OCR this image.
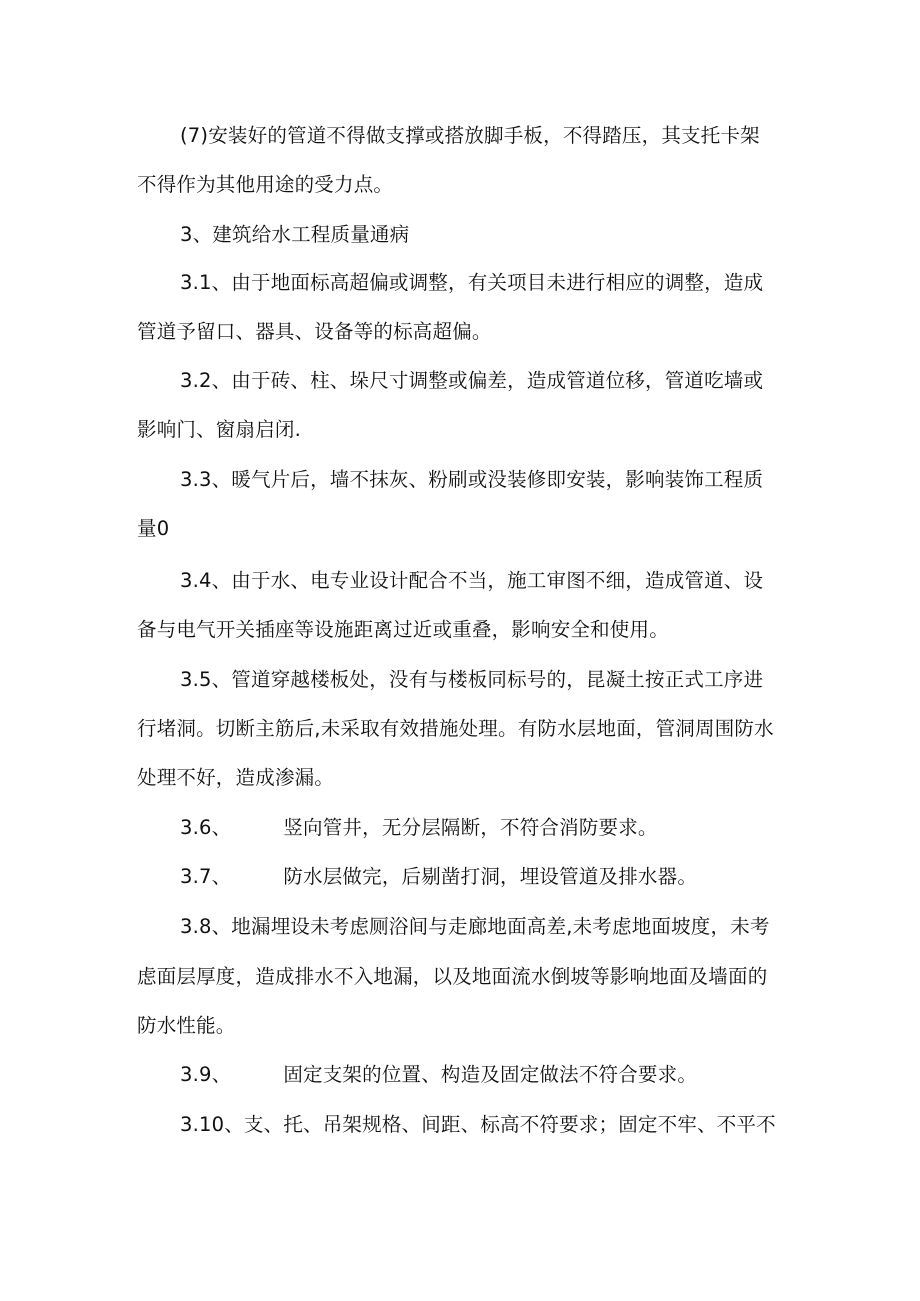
(7)安装好的管道不得做支撑或搭放脚手板，不得踏压，其支托卡架
不得作为其他用途的受力点。
3、建筑给水工程质量通病
3.1、由于地面标高超偏或调整，有关项目未进行相应的调整，造成
管道予留口、器具、设备等的标高超偏。
3.2、由于砖、柱、垛尺寸调整或偏差，造成管道位移，管道吃墙或
影响门、窗扇启闭.
3.3、暖气片后，墙不抹灰、粉刷或没装修即安装，影响装饰工程质
量0
3.4、由于水、电专业设计配合不当，施工审图不细，造成管道、设
备与电气开关插座等设施距离过近或重叠，影响安全和使用。
3.5、管道穿越楼板处，没有与楼板同标号的，昆凝土按正式工序进
行堵洞。切断主筋后,未采取有效措施处理。有防水层地面，管洞周围防水
处理不好，造成渗漏。
3.6、	竖向管井，无分层隔断，不符合消防要求。
3.7、	防水层做完，后剔凿打洞，埋设管道及排水器。
3.8、地漏埋设未考虑厕浴间与走廊地面高差,未考虑地面坡度，未考
虑面层厚度，造成排水不入地漏，以及地面流水倒坡等影响地面及墙面的
防水性能。
3.9、	固定支架的位置、构造及固定做法不符合要求。
3.10、支、托、吊架规格、间距、标高不符要求；固定不牢、不平不
